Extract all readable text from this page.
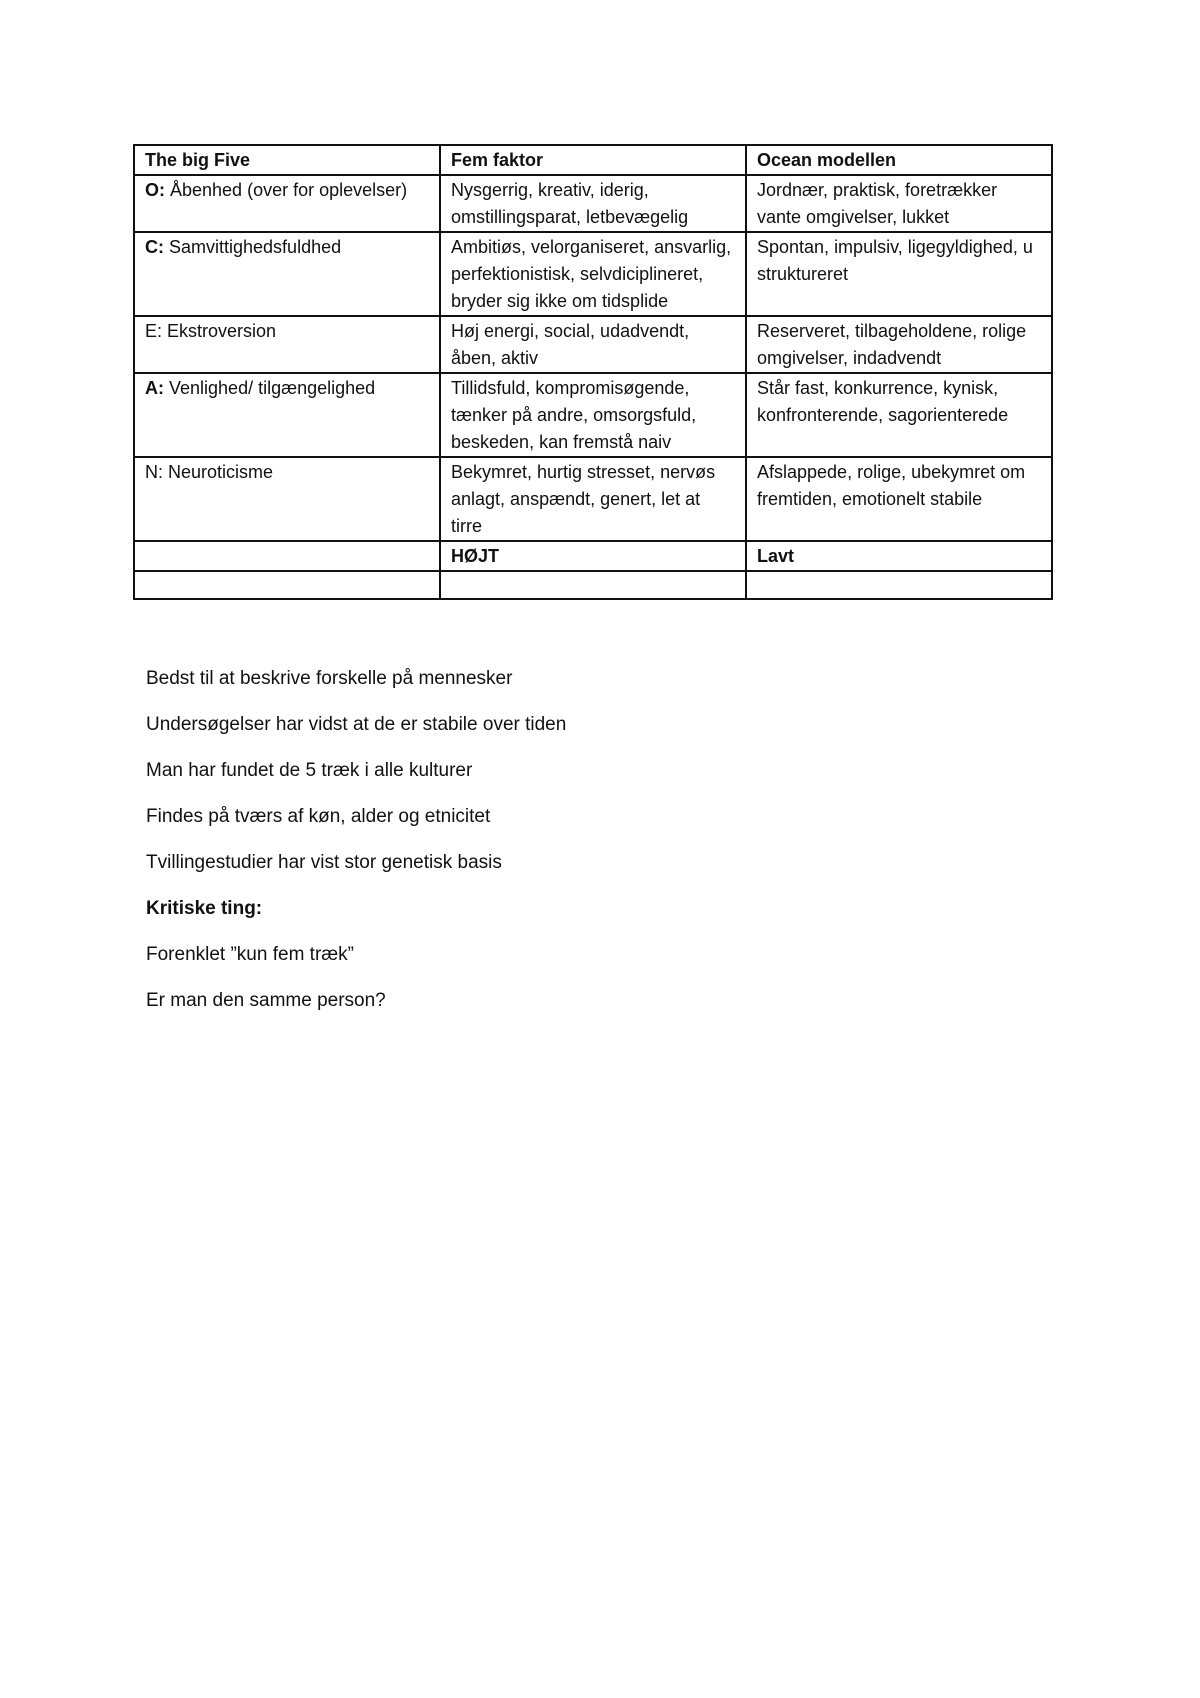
The big Five	Fem faktor	Ocean modellen
O: Åbenhed (over for oplevelser)	Nysgerrig, kreativ, iderig, omstillingsparat, letbevægelig	Jordnær, praktisk, foretrækker vante omgivelser, lukket
C: Samvittighedsfuldhed	Ambitiøs, velorganiseret, ansvarlig, perfektionistisk, selvdiciplineret, bryder sig ikke om tidsplide	Spontan, impulsiv, ligegyldighed, u struktureret
E: Ekstroversion	Høj energi, social, udadvendt, åben, aktiv	Reserveret, tilbageholdene, rolige omgivelser, indadvendt
A: Venlighed/ tilgængelighed	Tillidsfuld, kompromisøgende, tænker på andre, omsorgsfuld, beskeden, kan fremstå naiv	Står fast, konkurrence, kynisk, konfronterende, sagorienterede
N: Neuroticisme	Bekymret, hurtig stresset, nervøs anlagt, anspændt, genert, let at tirre	Afslappede, rolige, ubekymret om fremtiden, emotionelt stabile
	HØJT	Lavt

Bedst til at beskrive forskelle på mennesker

Undersøgelser har vidst at de er stabile over tiden

Man har fundet de 5 træk i alle kulturer

Findes på tværs af køn, alder og etnicitet

Tvillingestudier har vist stor genetisk basis

Kritiske ting:

Forenklet ”kun fem træk”

Er man den samme person?
